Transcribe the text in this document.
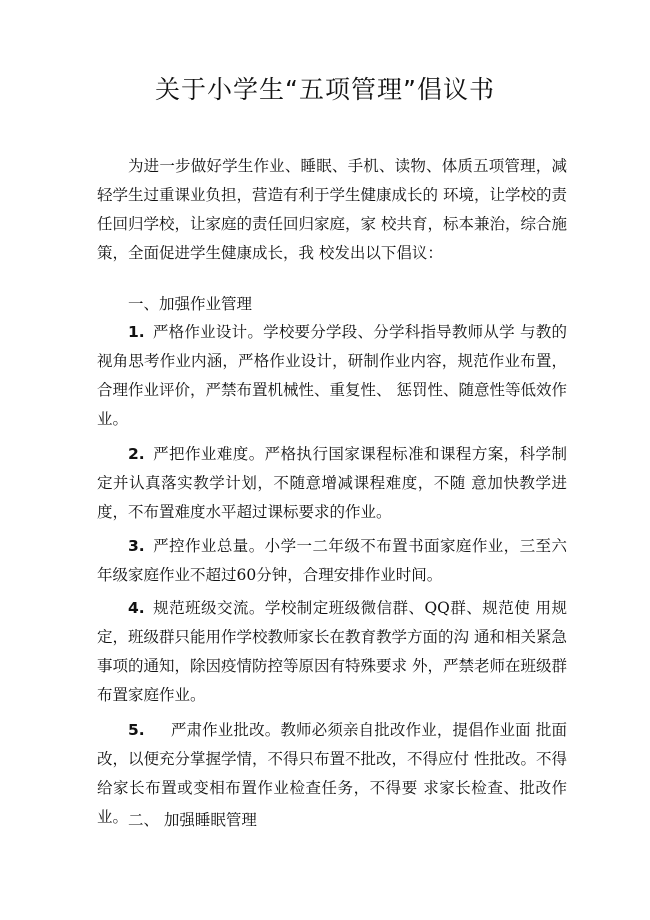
关于小学生“五项管理”倡议书
为进一步做好学生作业、睡眠、手机、读物、体质五项管理，减轻学生过重课业负担，营造有利于学生健康成长的 环境，让学校的责任回归学校，让家庭的责任回归家庭，家 校共育，标本兼治，综合施策，全面促进学生健康成长，我 校发出以下倡议：
一、加强作业管理
1. 严格作业设计。学校要分学段、分学科指导教师从学 与教的视角思考作业内涵，严格作业设计，研制作业内容，规范作业布置，合理作业评价，严禁布置机械性、重复性、 惩罚性、随意性等低效作业。
2. 严把作业难度。严格执行国家课程标准和课程方案，科学制定并认真落实教学计划，不随意增减课程难度，不随 意加快教学进度，不布置难度水平超过课标要求的作业。
3. 严控作业总量。小学一二年级不布置书面家庭作业，三至六年级家庭作业不超过60分钟，合理安排作业时间。
4. 规范班级交流。学校制定班级微信群、QQ群、规范使 用规定，班级群只能用作学校教师家长在教育教学方面的沟 通和相关紧急事项的通知，除因疫情防控等原因有特殊要求 外，严禁老师在班级群布置家庭作业。
5. 严肃作业批改。教师必须亲自批改作业，提倡作业面 批面改，以便充分掌握学情，不得只布置不批改，不得应付 性批改。不得给家长布置或变相布置作业检查任务，不得要 求家长检查、批改作业。 二、 加强睡眠管理
